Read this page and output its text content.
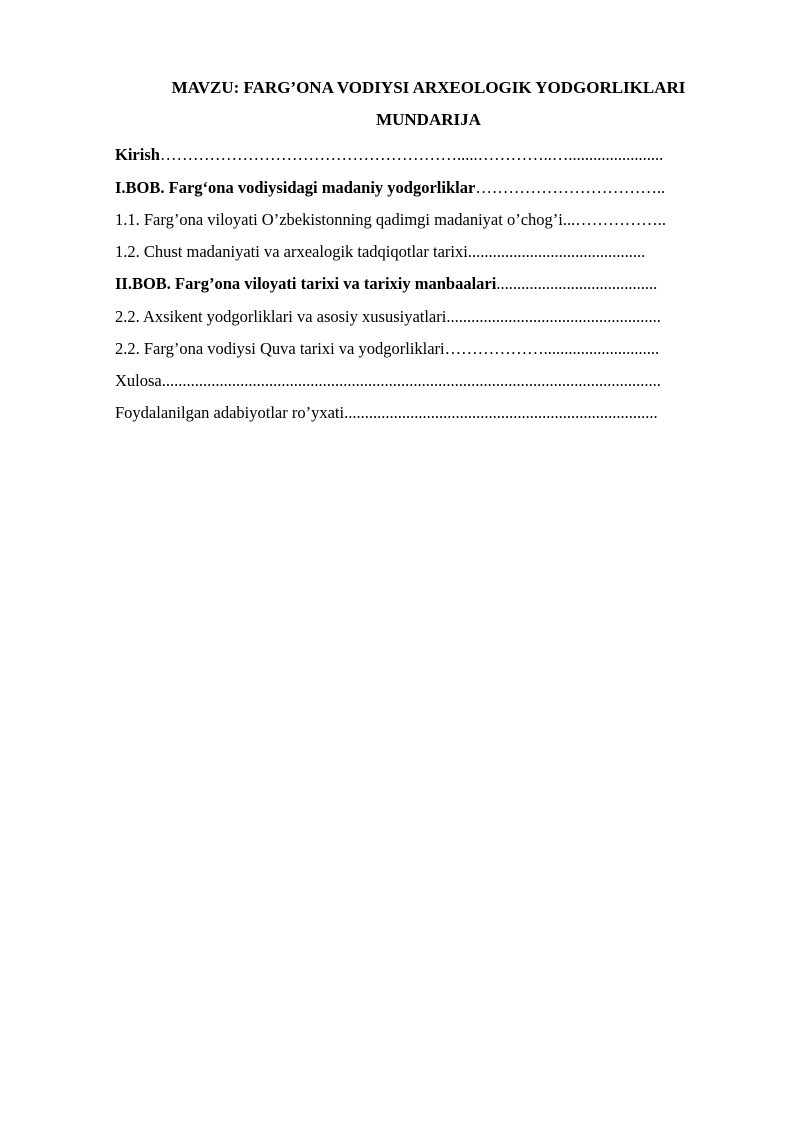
MAVZU: FARG’ONA VODIYSI ARXEOLOGIK YODGORLIKLARI
MUNDARIJA
Kirish……………………………………………….....…………..….......................
I.BOB. Farg‘ona vodiysidagi madaniy yodgorliklar……………………………..
1.1. Farg’ona viloyati O’zbekistonning qadimgi madaniyat o’chog’i...……………..
1.2. Chust madaniyati va arxealogik tadqiqotlar tarixi...........................................
II.BOB. Farg’ona viloyati tarixi va tarixiy manbaalari.......................................
2.2. Axsikent yodgorliklari va asosiy xususiyatlari....................................................
2.2. Farg’ona vodiysi Quva tarixi va yodgorliklari………………............................
Xulosa.........................................................................................................................
Foydalanilgan adabiyotlar ro’yxati............................................................................
